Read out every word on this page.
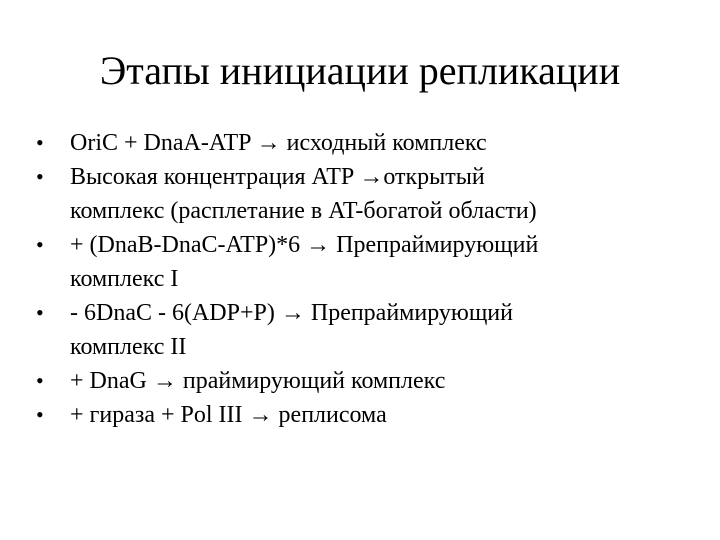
Этапы инициации репликации
•	OriC + DnaA-ATP → исходный комплекс
•	Высокая концентрация ATP →открытый
комплекс (расплетание в AT-богатой области)
•	+ (DnaB-DnaC-ATP)*6 → Препраймирующий
комплекс I
•	- 6DnaC - 6(ADP+P) → Препраймирующий
комплекс II
•	+ DnaG → праймирующий комплекс
•	+ гираза + Pol III → реплисома
